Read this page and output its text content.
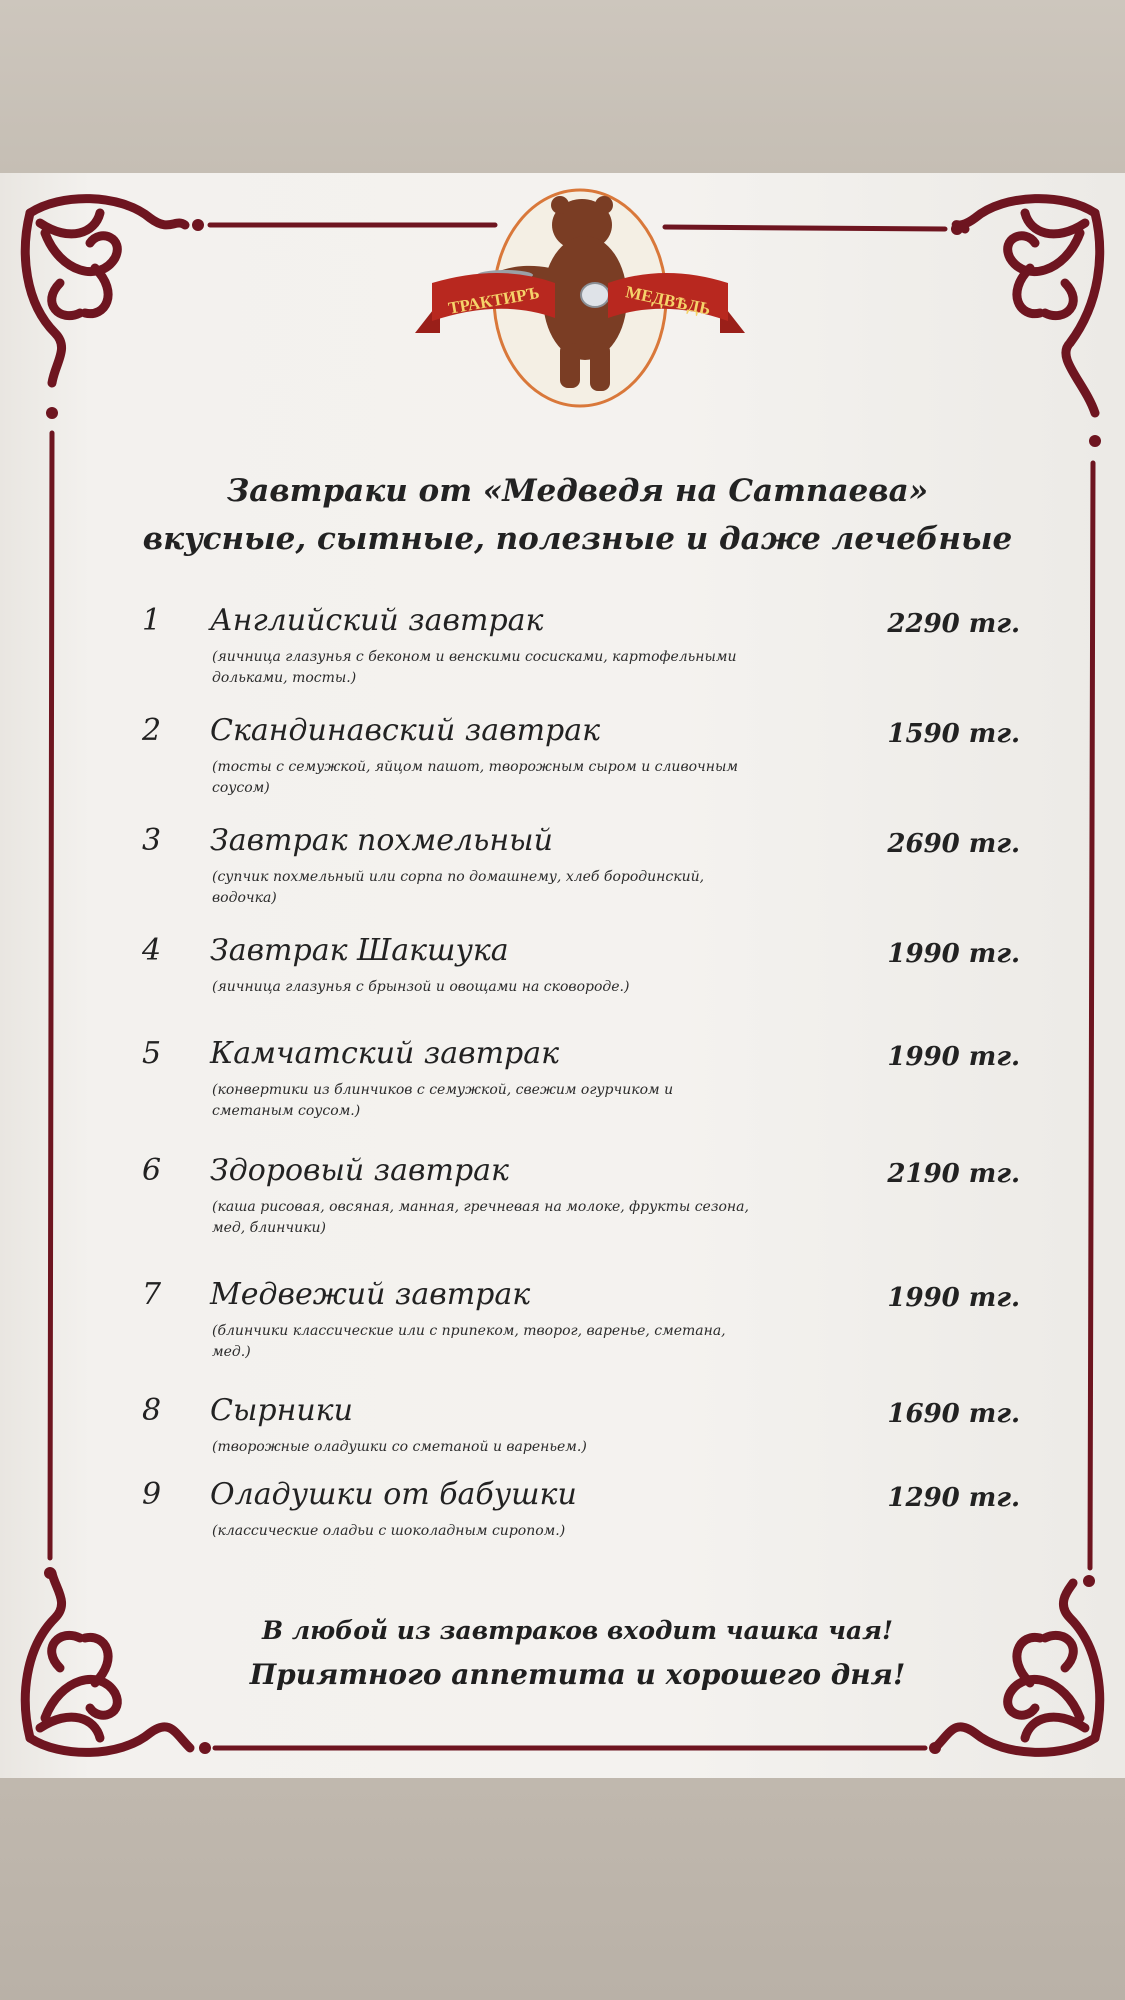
ТРАКТИРЪ	МЕДВѢДЬ
Завтраки от «Медведя на Сатпаева»
вкусные, сытные, полезные и даже лечебные
1 Английский завтрак
(яичница глазунья с беконом и венскими сосисками, картофельными дольками, тосты.)
2290 тг.
2 Скандинавский завтрак
(тосты с семужкой, яйцом пашот, творожным сыром и сливочным соусом)
1590 тг.
3 Завтрак похмельный
(супчик похмельный или сорпа по домашнему, хлеб бородинский, водочка)
2690 тг.
4 Завтрак Шакшука
(яичница глазунья с брынзой и овощами на сковороде.)
1990 тг.
5 Камчатский завтрак
(конвертики из блинчиков с семужкой, свежим огурчиком и сметаным соусом.)
1990 тг.
6 Здоровый завтрак
(каша рисовая, овсяная, манная, гречневая на молоке, фрукты сезона, мед, блинчики)
2190 тг.
7 Медвежий завтрак
(блинчики классические или с припеком, творог, варенье, сметана, мед.)
1990 тг.
8 Сырники
(творожные оладушки со сметаной и вареньем.)
1690 тг.
9 Оладушки от бабушки
(классические оладьи с шоколадным сиропом.)
1290 тг.
В любой из завтраков входит чашка чая!
Приятного аппетита и хорошего дня!
